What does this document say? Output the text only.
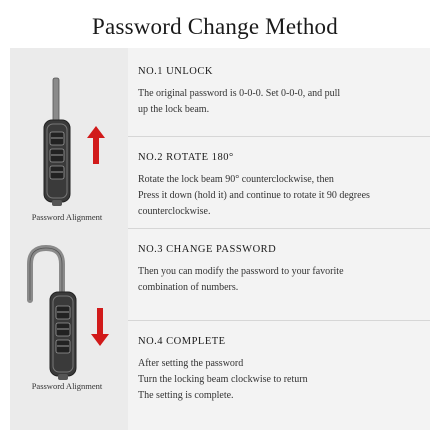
Password Change Method
Password Alignment
Password Alignment
NO.1 UNLOCK
The original password is 0-0-0. Set 0-0-0, and pull
up the lock beam.
NO.2 ROTATE 180°
Rotate the lock beam 90° counterclockwise, then
Press it down (hold it) and continue to rotate it 90 degrees
counterclockwise.
NO.3 CHANGE PASSWORD
Then you can modify the password to your favorite
combination of numbers.
NO.4 COMPLETE
After setting the password
Turn the locking beam clockwise to return
The setting is complete.
